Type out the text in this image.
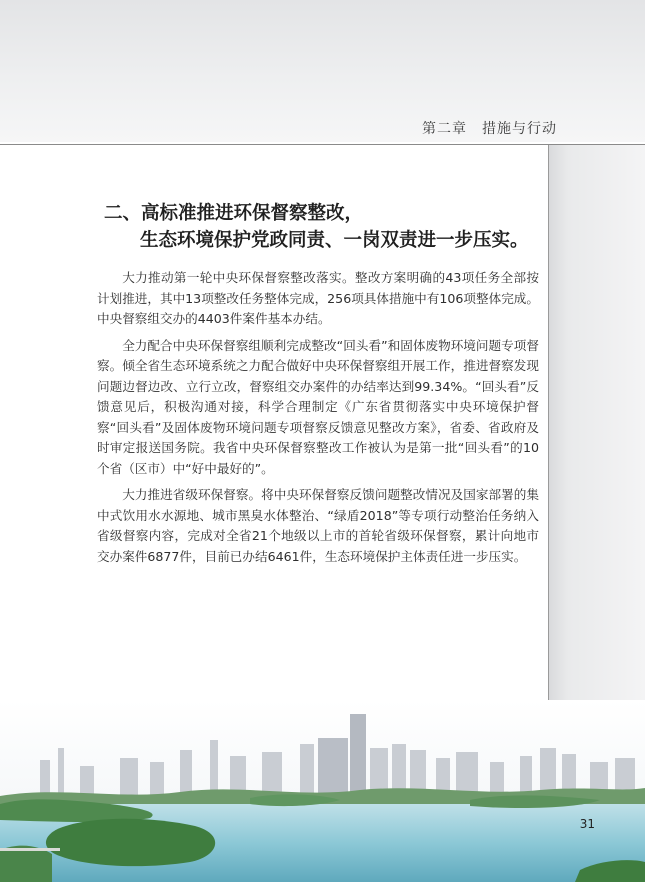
第二章　措施与行动
二、高标准推进环保督察整改，
生态环境保护党政同责、一岗双责进一步压实。

大力推动第一轮中央环保督察整改落实。整改方案明确的43项任务全部按计划推进，其中13项整改任务整体完成，256项具体措施中有106项整体完成。中央督察组交办的4403件案件基本办结。

全力配合中央环保督察组顺利完成整改“回头看”和固体废物环境问题专项督察。倾全省生态环境系统之力配合做好中央环保督察组开展工作，推进督察发现问题边督边改、立行立改，督察组交办案件的办结率达到99.34%。“回头看”反馈意见后，积极沟通对接，科学合理制定《广东省贯彻落实中央环境保护督察“回头看”及固体废物环境问题专项督察反馈意见整改方案》，省委、省政府及时审定报送国务院。我省中央环保督察整改工作被认为是第一批“回头看”的10个省（区市）中“好中最好的”。

大力推进省级环保督察。将中央环保督察反馈问题整改情况及国家部署的集中式饮用水水源地、城市黑臭水体整治、“绿盾2018”等专项行动整治任务纳入省级督察内容，完成对全省21个地级以上市的首轮省级环保督察，累计向地市交办案件6877件，目前已办结6461件，生态环境保护主体责任进一步压实。

31
